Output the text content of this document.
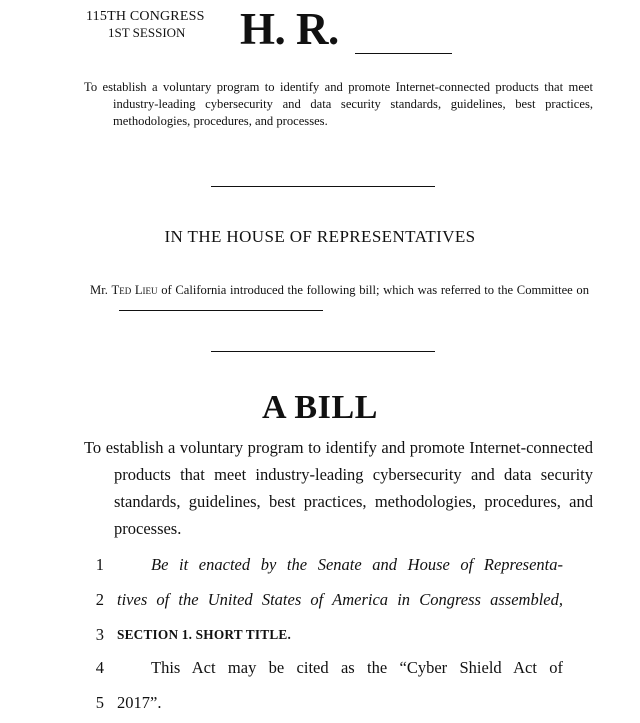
115TH CONGRESS
1ST SESSION H. R.
To establish a voluntary program to identify and promote Internet-connected products that meet industry-leading cybersecurity and data security standards, guidelines, best practices, methodologies, procedures, and processes.
IN THE HOUSE OF REPRESENTATIVES
Mr. Ted Lieu of California introduced the following bill; which was referred to the Committee on
A BILL
To establish a voluntary program to identify and promote Internet-connected products that meet industry-leading cybersecurity and data security standards, guidelines, best practices, methodologies, procedures, and processes.
1	Be it enacted by the Senate and House of Representa-
2 tives of the United States of America in Congress assembled,
3 SECTION 1. SHORT TITLE.
4	This Act may be cited as the “Cyber Shield Act of
5 2017”.
